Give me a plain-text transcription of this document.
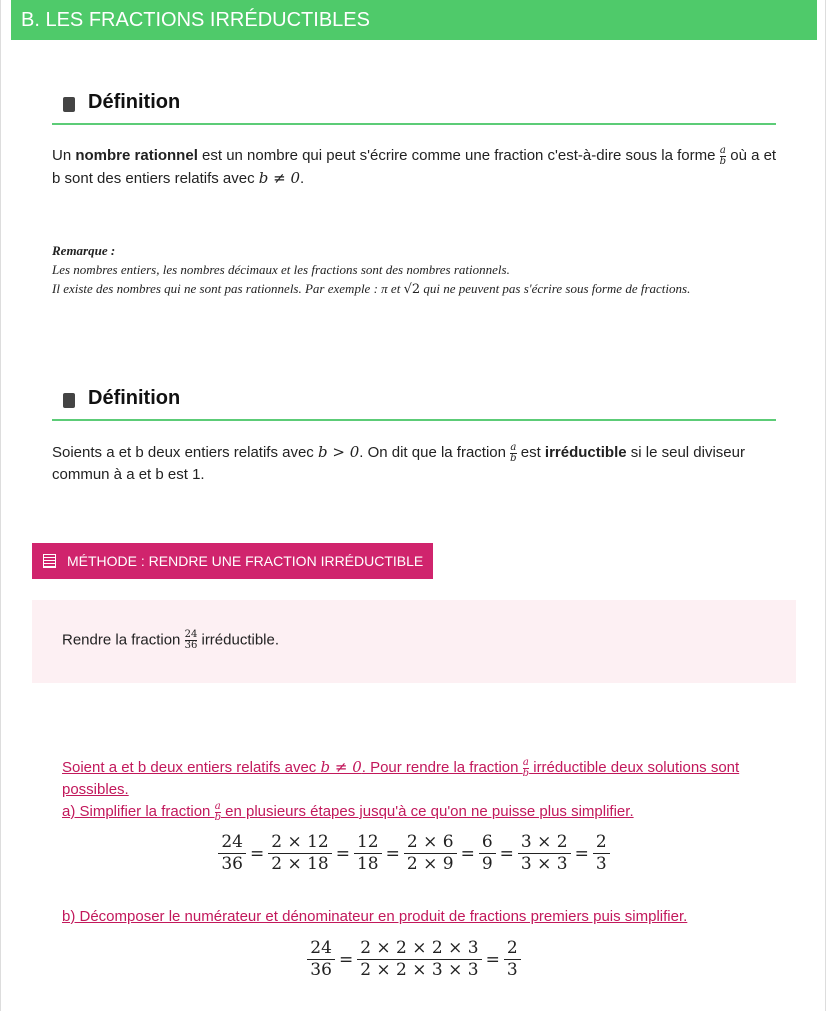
B. LES FRACTIONS IRRÉDUCTIBLES
Définition
Un nombre rationnel est un nombre qui peut s'écrire comme une fraction c'est-à-dire sous la forme $\frac{a}{b}$ où a et b sont des entiers relatifs avec b ≠ 0.
Remarque :
Les nombres entiers, les nombres décimaux et les fractions sont des nombres rationnels.
Il existe des nombres qui ne sont pas rationnels. Par exemple : π et √2 qui ne peuvent pas s'écrire sous forme de fractions.
Définition
Soients a et b deux entiers relatifs avec b > 0. On dit que la fraction $\frac{a}{b}$ est irréductible si le seul diviseur commun à a et b est 1.
MÉTHODE : RENDRE UNE FRACTION IRRÉDUCTIBLE
Rendre la fraction $\frac{24}{36}$ irréductible.
Soient a et b deux entiers relatifs avec b ≠ 0. Pour rendre la fraction $\frac{a}{b}$ irréductible deux solutions sont possibles.
a) Simplifier la fraction $\frac{a}{b}$ en plusieurs étapes jusqu'à ce qu'on ne puisse plus simplifier.
$\frac{24}{36} = \frac{2 \times 12}{2 \times 18} = \frac{12}{18} = \frac{2 \times 6}{2 \times 9} = \frac{6}{9} = \frac{3 \times 2}{3 \times 3} = \frac{2}{3}$
b) Décomposer le numérateur et dénominateur en produit de fractions premiers puis simplifier.
$\frac{24}{36} = \frac{2 \times 2 \times 2 \times 3}{2 \times 2 \times 3 \times 3} = \frac{2}{3}$
